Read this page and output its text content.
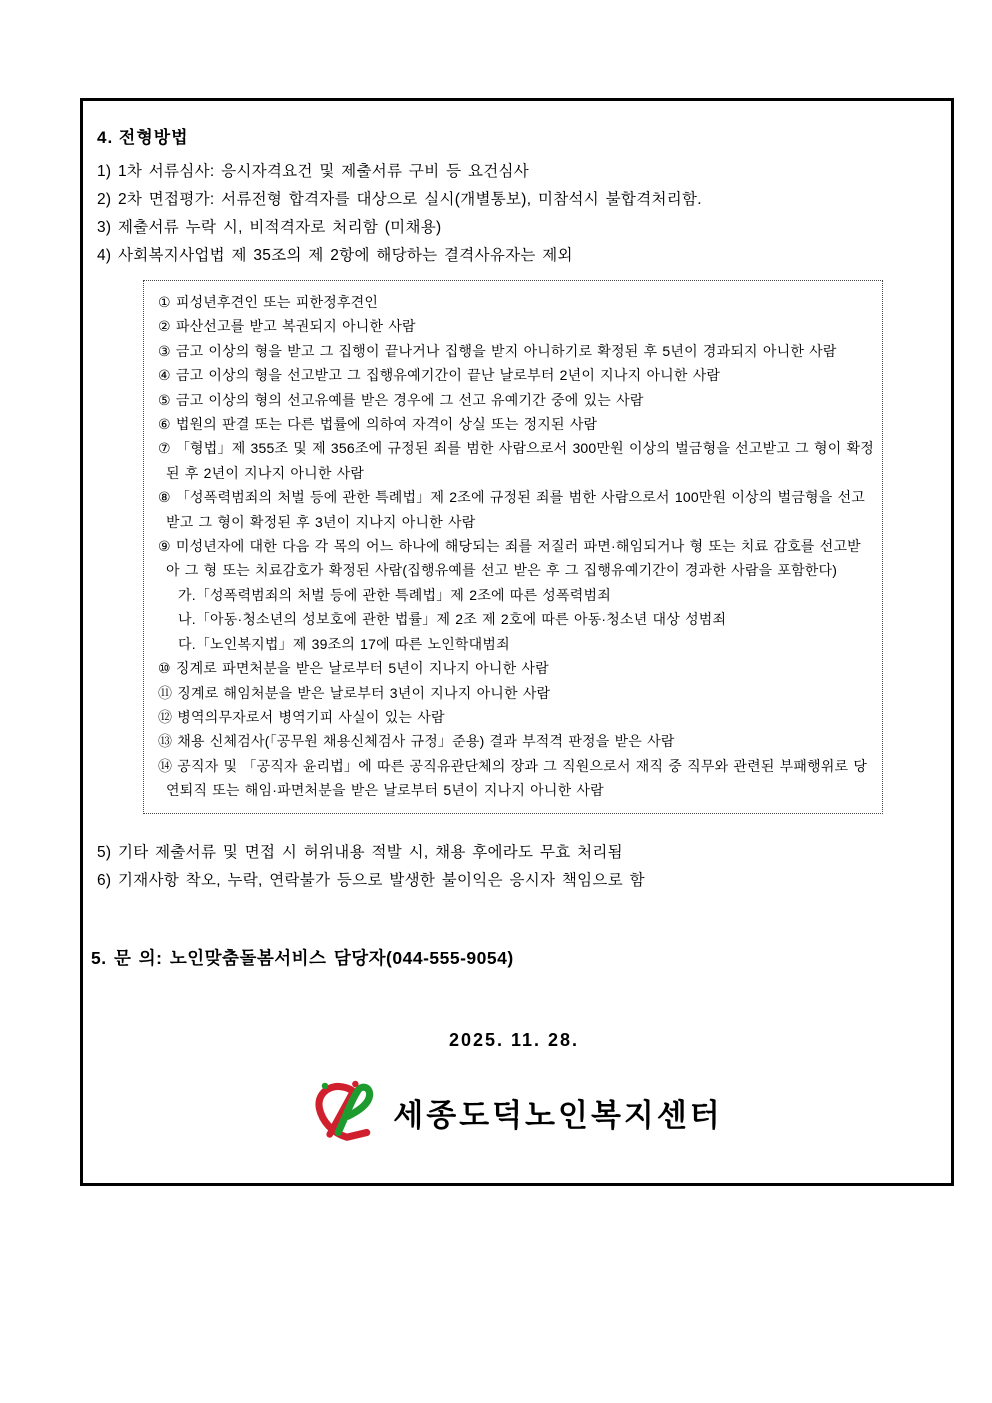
4. 전형방법
1) 1차 서류심사: 응시자격요건 및 제출서류 구비 등 요건심사
2) 2차 면접평가: 서류전형 합격자를 대상으로 실시(개별통보), 미참석시 불합격처리함.
3) 제출서류 누락 시, 비적격자로 처리함 (미채용)
4) 사회복지사업법 제 35조의 제 2항에 해당하는 결격사유자는 제외
① 피성년후견인 또는 피한정후견인
② 파산선고를 받고 복권되지 아니한 사람
③ 금고 이상의 형을 받고 그 집행이 끝나거나 집행을 받지 아니하기로 확정된 후 5년이 경과되지 아니한 사람
④ 금고 이상의 형을 선고받고 그 집행유예기간이 끝난 날로부터 2년이 지나지 아니한 사람
⑤ 금고 이상의 형의 선고유예를 받은 경우에 그 선고 유예기간 중에 있는 사람
⑥ 법원의 판결 또는 다른 법률에 의하여 자격이 상실 또는 정지된 사람
⑦ 「형법」제 355조 및 제 356조에 규정된 죄를 범한 사람으로서 300만원 이상의 벌금형을 선고받고 그 형이 확정된 후 2년이 지나지 아니한 사람
⑧ 「성폭력범죄의 처벌 등에 관한 특례법」제 2조에 규정된 죄를 범한 사람으로서 100만원 이상의 벌금형을 선고받고 그 형이 확정된 후 3년이 지나지 아니한 사람
⑨ 미성년자에 대한 다음 각 목의 어느 하나에 해당되는 죄를 저질러 파면·해임되거나 형 또는 치료 감호를 선고받아 그 형 또는 치료감호가 확정된 사람(집행유예를 선고 받은 후 그 집행유예기간이 경과한 사람을 포함한다)
가.「성폭력범죄의 처벌 등에 관한 특례법」제 2조에 따른 성폭력범죄
나.「아동·청소년의 성보호에 관한 법률」제 2조 제 2호에 따른 아동·청소년 대상 성범죄
다.「노인복지법」제 39조의 17에 따른 노인학대범죄
⑩ 징계로 파면처분을 받은 날로부터 5년이 지나지 아니한 사람
⑪ 징계로 해임처분을 받은 날로부터 3년이 지나지 아니한 사람
⑫ 병역의무자로서 병역기피 사실이 있는 사람
⑬ 채용 신체검사(「공무원 채용신체검사 규정」준용) 결과 부적격 판정을 받은 사람
⑭ 공직자 및 「공직자 윤리법」에 따른 공직유관단체의 장과 그 직원으로서 재직 중 직무와 관련된 부패행위로 당연퇴직 또는 해임·파면처분을 받은 날로부터 5년이 지나지 아니한 사람
5) 기타 제출서류 및 면접 시 허위내용 적발 시, 채용 후에라도 무효 처리됨
6) 기재사항 착오, 누락, 연락불가 등으로 발생한 불이익은 응시자 책임으로 함
5. 문 의: 노인맞춤돌봄서비스 담당자(044-555-9054)
2025. 11. 28.
세종도덕노인복지센터
